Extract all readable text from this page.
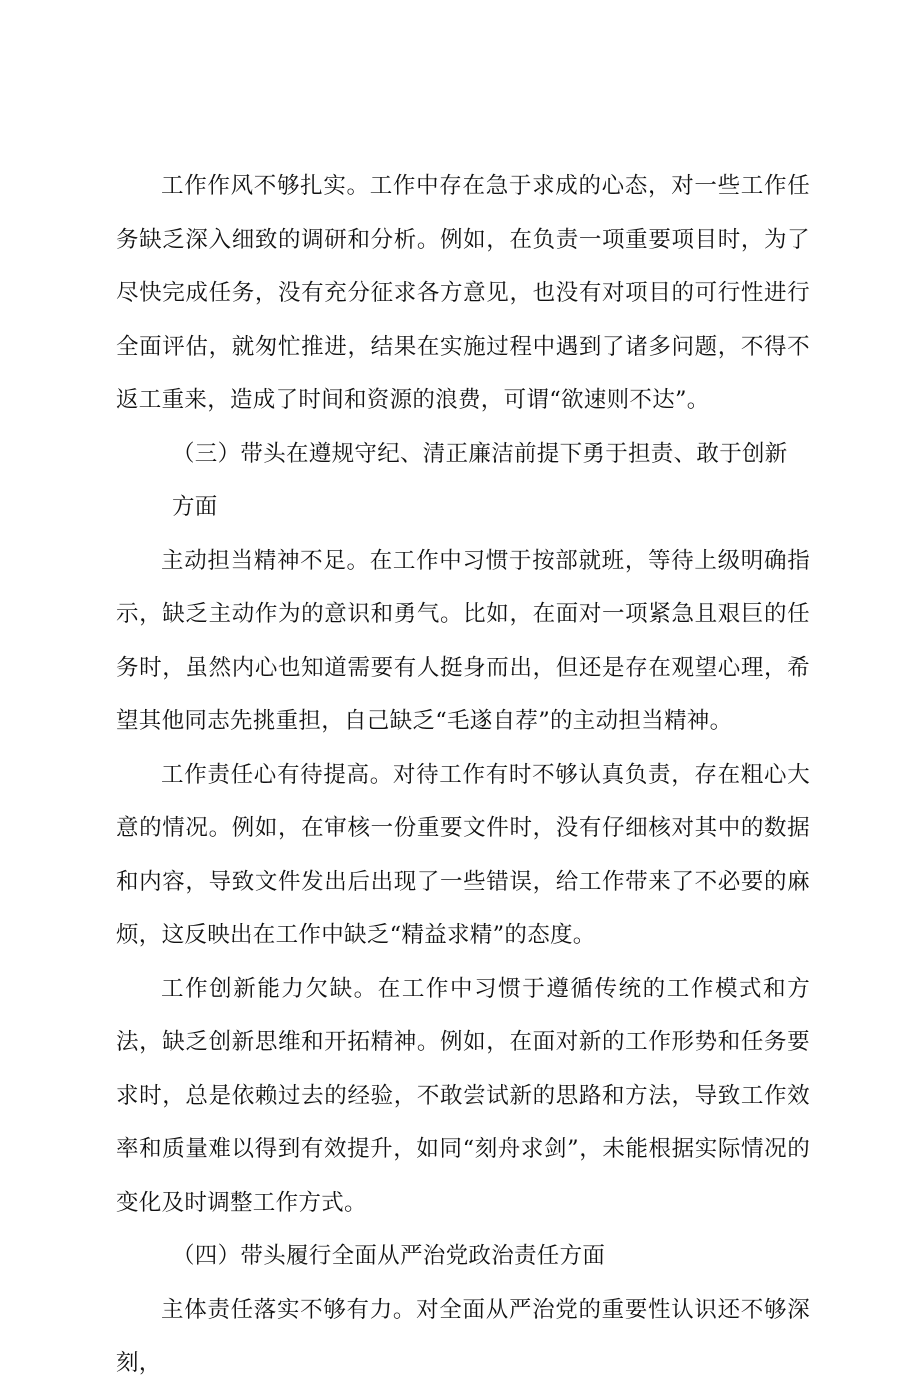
工作作风不够扎实。工作中存在急于求成的心态，对一些工作任务缺乏深入细致的调研和分析。例如，在负责一项重要项目时，为了尽快完成任务，没有充分征求各方意见，也没有对项目的可行性进行全面评估，就匆忙推进，结果在实施过程中遇到了诸多问题，不得不返工重来，造成了时间和资源的浪费，可谓“欲速则不达”。

（三）带头在遵规守纪、清正廉洁前提下勇于担责、敢于创新方面

主动担当精神不足。在工作中习惯于按部就班，等待上级明确指示，缺乏主动作为的意识和勇气。比如，在面对一项紧急且艰巨的任务时，虽然内心也知道需要有人挺身而出，但还是存在观望心理，希望其他同志先挑重担，自己缺乏“毛遂自荐”的主动担当精神。

工作责任心有待提高。对待工作有时不够认真负责，存在粗心大意的情况。例如，在审核一份重要文件时，没有仔细核对其中的数据和内容，导致文件发出后出现了一些错误，给工作带来了不必要的麻烦，这反映出在工作中缺乏“精益求精”的态度。

工作创新能力欠缺。在工作中习惯于遵循传统的工作模式和方法，缺乏创新思维和开拓精神。例如，在面对新的工作形势和任务要求时，总是依赖过去的经验，不敢尝试新的思路和方法，导致工作效率和质量难以得到有效提升，如同“刻舟求剑”，未能根据实际情况的变化及时调整工作方式。

（四）带头履行全面从严治党政治责任方面

主体责任落实不够有力。对全面从严治党的重要性认识还不够深刻，
